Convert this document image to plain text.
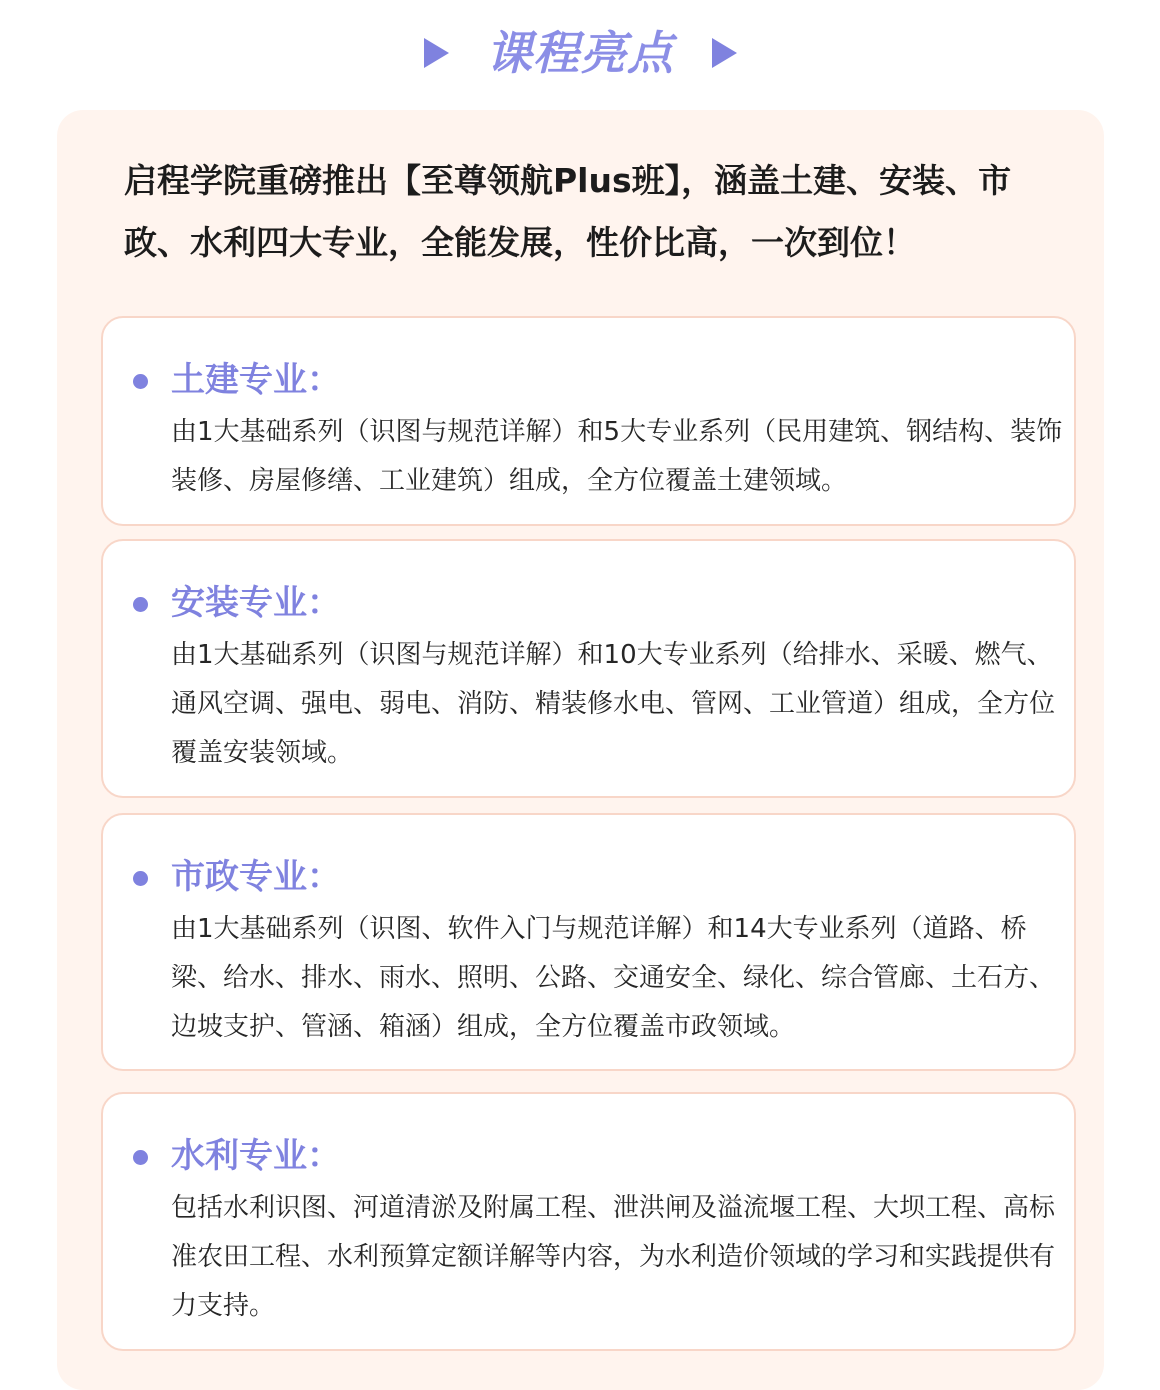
课程亮点

启程学院重磅推出【至尊领航Plus班】，涵盖土建、安装、市政、水利四大专业，全能发展，性价比高，一次到位！

土建专业：

由1大基础系列（识图与规范详解）和5大专业系列（民用建筑、钢结构、装饰装修、房屋修缮、工业建筑）组成，全方位覆盖土建领域。

安装专业：

由1大基础系列（识图与规范详解）和10大专业系列（给排水、采暖、燃气、通风空调、强电、弱电、消防、精装修水电、管网、工业管道）组成，全方位覆盖安装领域。

市政专业：

由1大基础系列（识图、软件入门与规范详解）和14大专业系列（道路、桥梁、给水、排水、雨水、照明、公路、交通安全、绿化、综合管廊、土石方、边坡支护、管涵、箱涵）组成，全方位覆盖市政领域。

水利专业：

包括水利识图、河道清淤及附属工程、泄洪闸及溢流堰工程、大坝工程、高标准农田工程、水利预算定额详解等内容，为水利造价领域的学习和实践提供有力支持。
